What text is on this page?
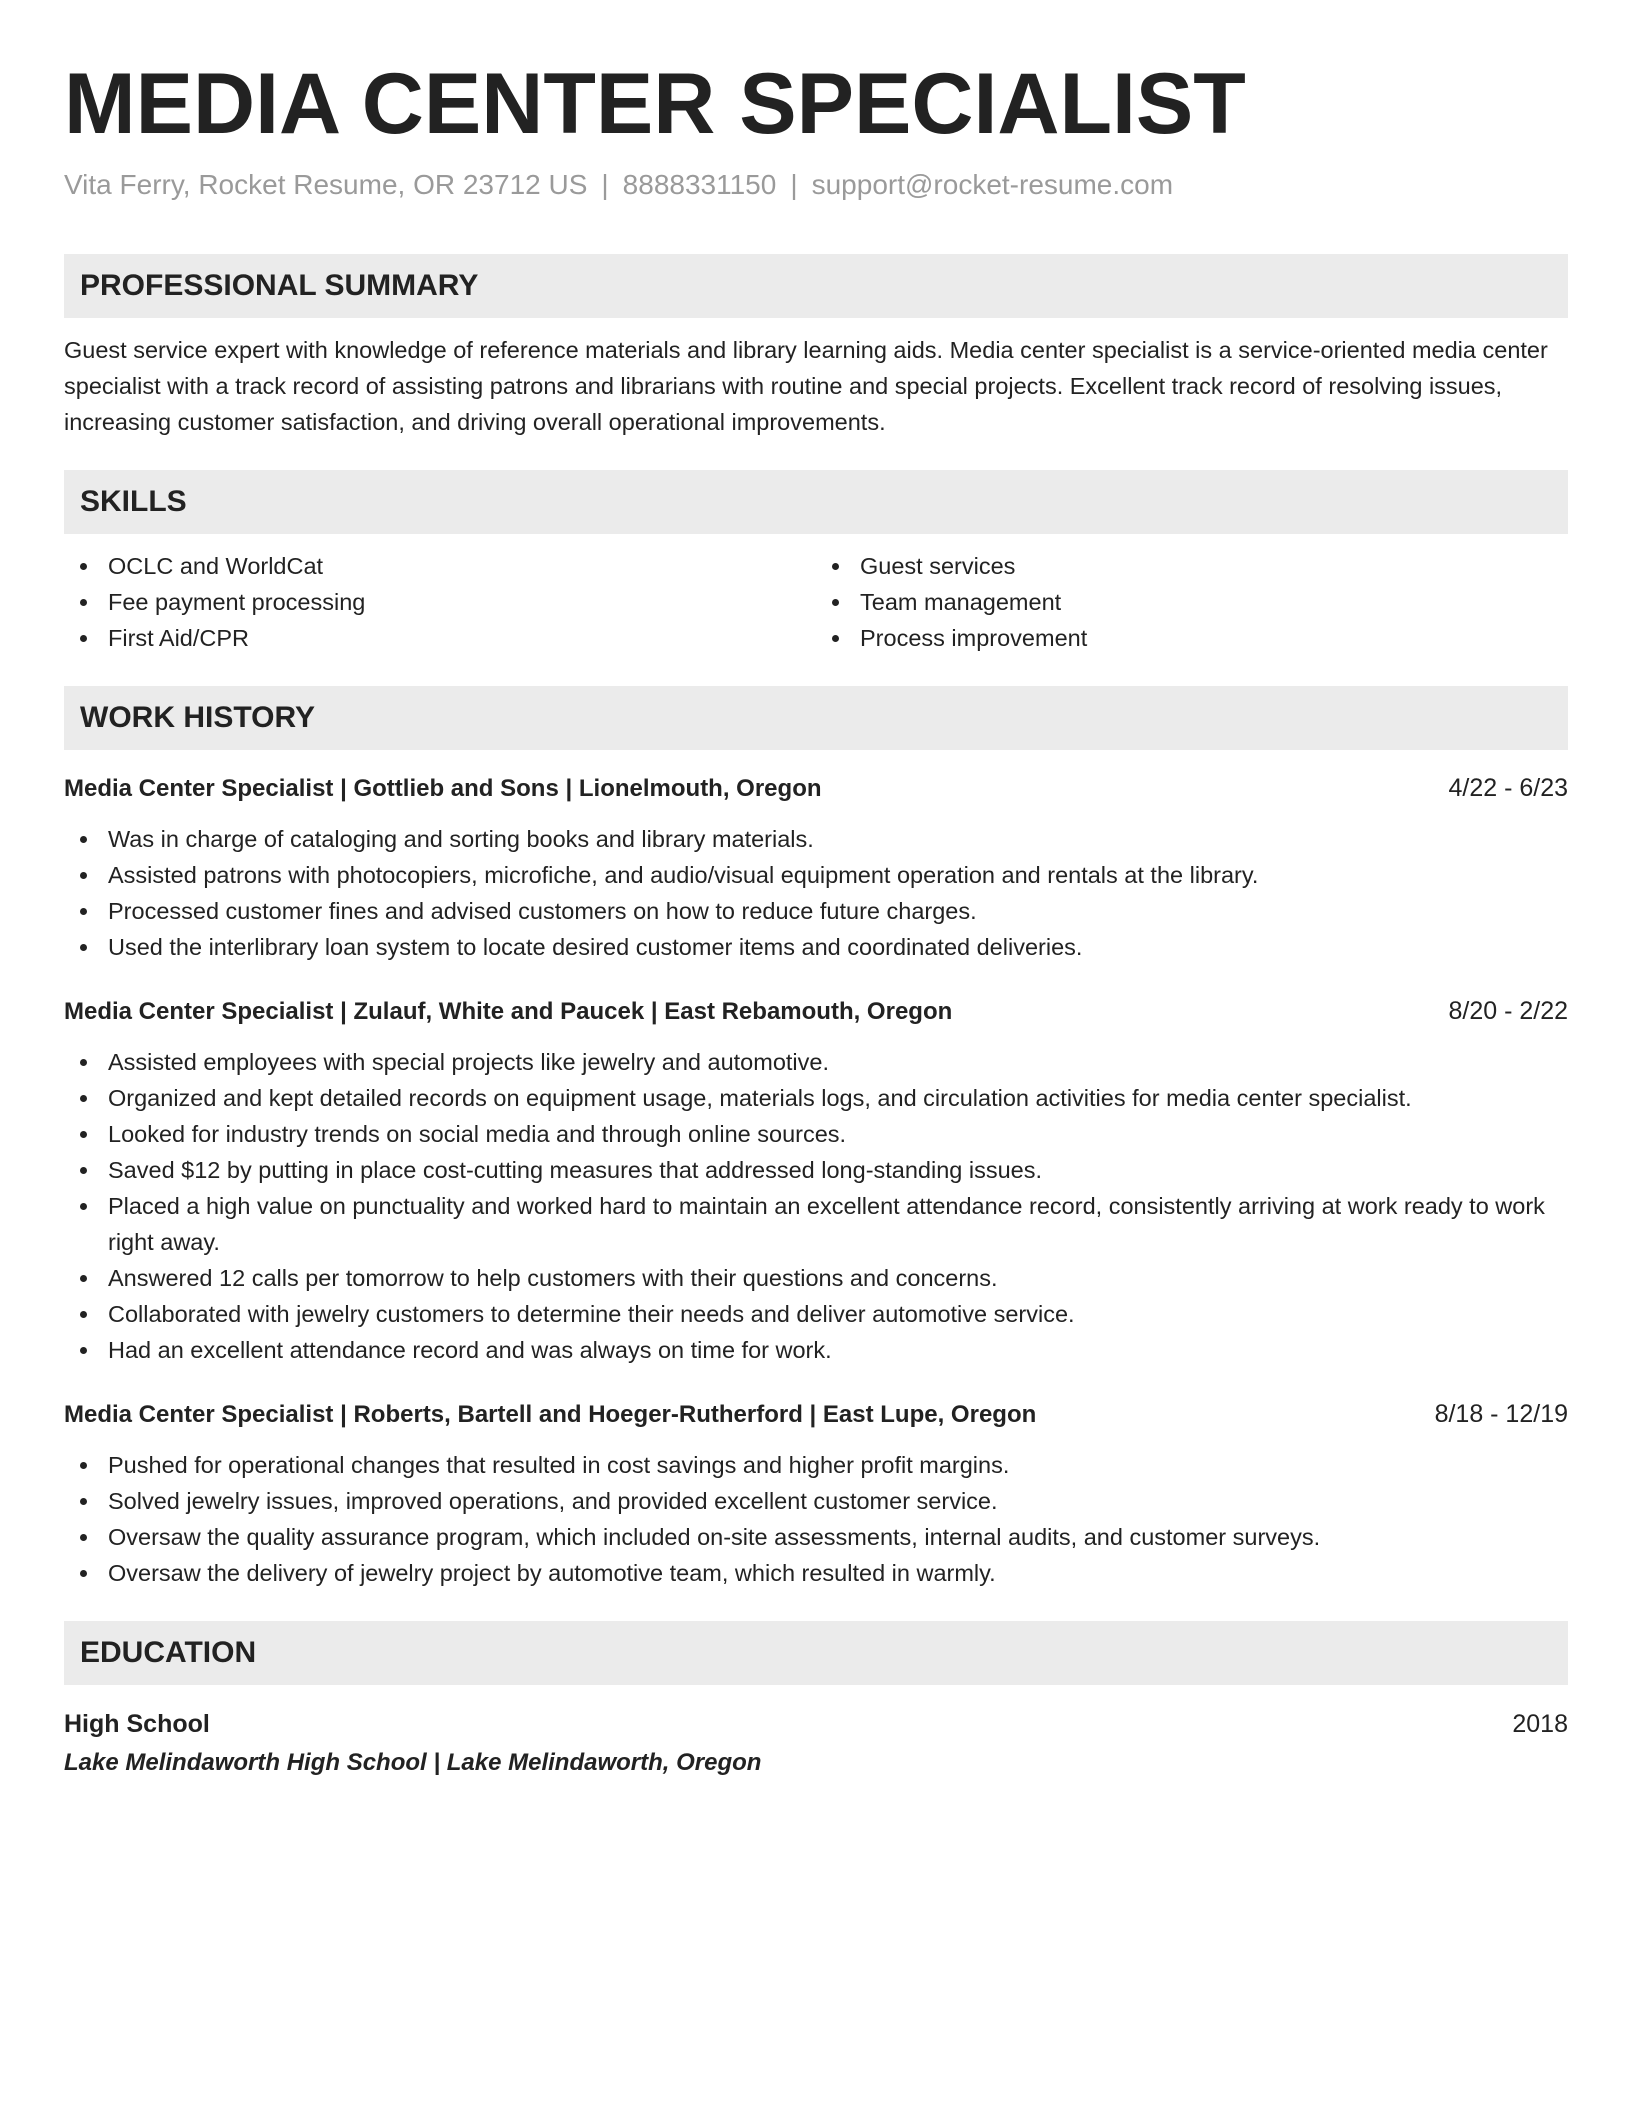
MEDIA CENTER SPECIALIST
Vita Ferry, Rocket Resume, OR 23712 US | 8888331150 | support@rocket-resume.com
PROFESSIONAL SUMMARY
Guest service expert with knowledge of reference materials and library learning aids. Media center specialist is a service-oriented media center specialist with a track record of assisting patrons and librarians with routine and special projects. Excellent track record of resolving issues, increasing customer satisfaction, and driving overall operational improvements.
SKILLS
OCLC and WorldCat
Fee payment processing
First Aid/CPR
Guest services
Team management
Process improvement
WORK HISTORY
Media Center Specialist | Gottlieb and Sons | Lionelmouth, Oregon	4/22 - 6/23
Was in charge of cataloging and sorting books and library materials.
Assisted patrons with photocopiers, microfiche, and audio/visual equipment operation and rentals at the library.
Processed customer fines and advised customers on how to reduce future charges.
Used the interlibrary loan system to locate desired customer items and coordinated deliveries.
Media Center Specialist | Zulauf, White and Paucek | East Rebamouth, Oregon	8/20 - 2/22
Assisted employees with special projects like jewelry and automotive.
Organized and kept detailed records on equipment usage, materials logs, and circulation activities for media center specialist.
Looked for industry trends on social media and through online sources.
Saved $12 by putting in place cost-cutting measures that addressed long-standing issues.
Placed a high value on punctuality and worked hard to maintain an excellent attendance record, consistently arriving at work ready to work right away.
Answered 12 calls per tomorrow to help customers with their questions and concerns.
Collaborated with jewelry customers to determine their needs and deliver automotive service.
Had an excellent attendance record and was always on time for work.
Media Center Specialist | Roberts, Bartell and Hoeger-Rutherford | East Lupe, Oregon	8/18 - 12/19
Pushed for operational changes that resulted in cost savings and higher profit margins.
Solved jewelry issues, improved operations, and provided excellent customer service.
Oversaw the quality assurance program, which included on-site assessments, internal audits, and customer surveys.
Oversaw the delivery of jewelry project by automotive team, which resulted in warmly.
EDUCATION
High School	2018
Lake Melindaworth High School | Lake Melindaworth, Oregon
